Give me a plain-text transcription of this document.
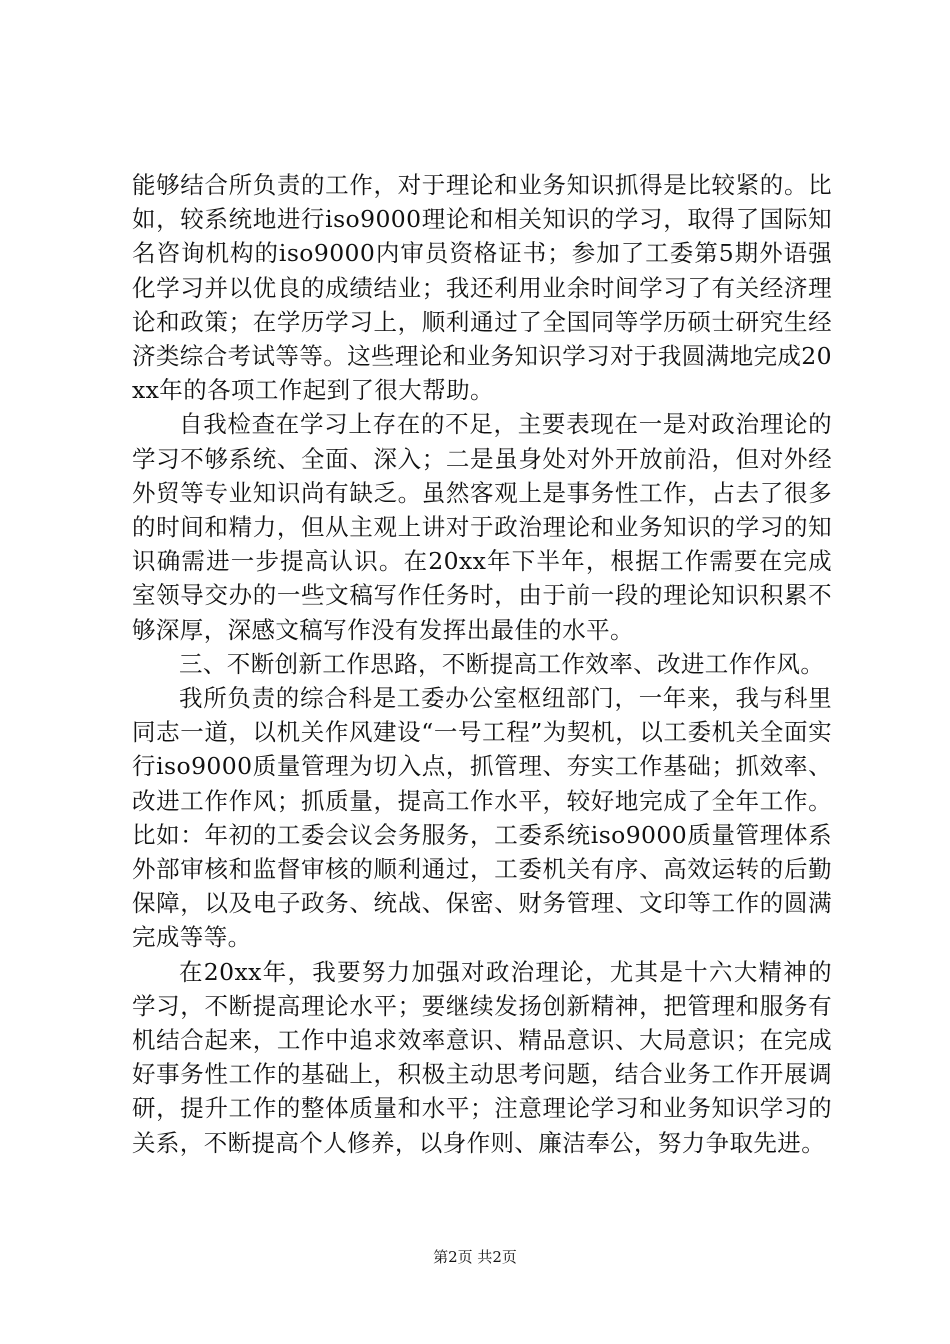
能够结合所负责的工作，对于理论和业务知识抓得是比较紧的。比如，较系统地进行iso9000理论和相关知识的学习，取得了国际知名咨询机构的iso9000内审员资格证书；参加了工委第5期外语强化学习并以优良的成绩结业；我还利用业余时间学习了有关经济理论和政策；在学历学习上，顺利通过了全国同等学历硕士研究生经济类综合考试等等。这些理论和业务知识学习对于我圆满地完成20xx年的各项工作起到了很大帮助。

自我检查在学习上存在的不足，主要表现在一是对政治理论的学习不够系统、全面、深入；二是虽身处对外开放前沿，但对外经外贸等专业知识尚有缺乏。虽然客观上是事务性工作，占去了很多的时间和精力，但从主观上讲对于政治理论和业务知识的学习的知识确需进一步提高认识。在20xx年下半年，根据工作需要在完成室领导交办的一些文稿写作任务时，由于前一段的理论知识积累不够深厚，深感文稿写作没有发挥出最佳的水平。

三、不断创新工作思路，不断提高工作效率、改进工作作风。

我所负责的综合科是工委办公室枢纽部门，一年来，我与科里同志一道，以机关作风建设“一号工程”为契机，以工委机关全面实行iso9000质量管理为切入点，抓管理、夯实工作基础；抓效率、改进工作作风；抓质量，提高工作水平，较好地完成了全年工作。比如：年初的工委会议会务服务，工委系统iso9000质量管理体系外部审核和监督审核的顺利通过，工委机关有序、高效运转的后勤保障，以及电子政务、统战、保密、财务管理、文印等工作的圆满完成等等。

在20xx年，我要努力加强对政治理论，尤其是十六大精神的学习，不断提高理论水平；要继续发扬创新精神，把管理和服务有机结合起来，工作中追求效率意识、精品意识、大局意识；在完成好事务性工作的基础上，积极主动思考问题，结合业务工作开展调研，提升工作的整体质量和水平；注意理论学习和业务知识学习的关系，不断提高个人修养，以身作则、廉洁奉公，努力争取先进。

第2页 共2页
